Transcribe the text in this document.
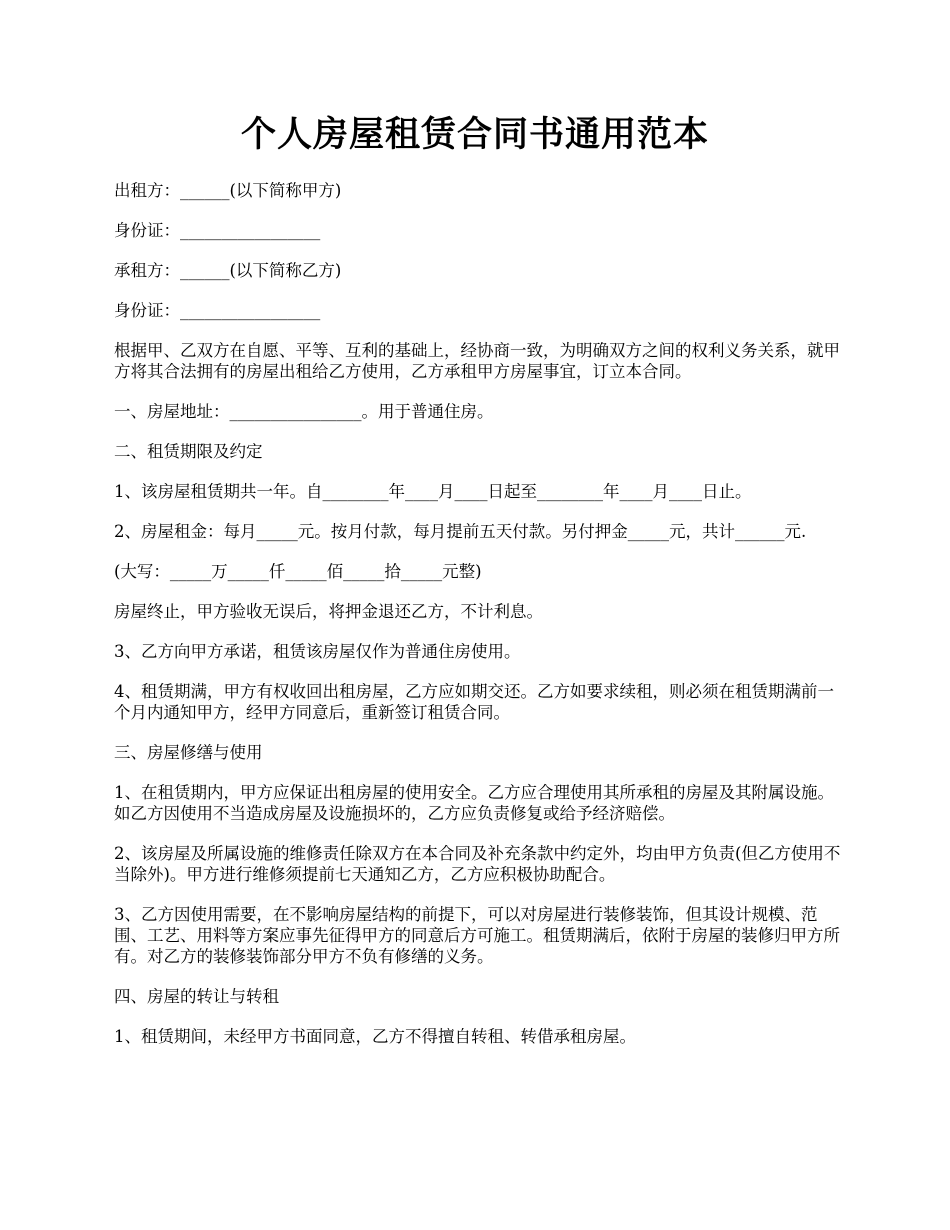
个人房屋租赁合同书通用范本

出租方：______(以下简称甲方)

身份证：_________________

承租方：______(以下简称乙方)

身份证：_________________

根据甲、乙双方在自愿、平等、互利的基础上，经协商一致，为明确双方之间的权利义务关系，就甲方将其合法拥有的房屋出租给乙方使用，乙方承租甲方房屋事宜，订立本合同。

一、房屋地址：________________。用于普通住房。

二、租赁期限及约定

1、该房屋租赁期共一年。自________年____月____日起至________年____月____日止。

2、房屋租金：每月_____元。按月付款，每月提前五天付款。另付押金_____元，共计______元.

(大写：_____万_____仟_____佰_____拾_____元整)

房屋终止，甲方验收无误后，将押金退还乙方，不计利息。

3、乙方向甲方承诺，租赁该房屋仅作为普通住房使用。

4、租赁期满，甲方有权收回出租房屋，乙方应如期交还。乙方如要求续租，则必须在租赁期满前一个月内通知甲方，经甲方同意后，重新签订租赁合同。

三、房屋修缮与使用

1、在租赁期内，甲方应保证出租房屋的使用安全。乙方应合理使用其所承租的房屋及其附属设施。如乙方因使用不当造成房屋及设施损坏的，乙方应负责修复或给予经济赔偿。

2、该房屋及所属设施的维修责任除双方在本合同及补充条款中约定外，均由甲方负责(但乙方使用不当除外)。甲方进行维修须提前七天通知乙方，乙方应积极协助配合。

3、乙方因使用需要，在不影响房屋结构的前提下，可以对房屋进行装修装饰，但其设计规模、范围、工艺、用料等方案应事先征得甲方的同意后方可施工。租赁期满后，依附于房屋的装修归甲方所有。对乙方的装修装饰部分甲方不负有修缮的义务。

四、房屋的转让与转租

1、租赁期间，未经甲方书面同意，乙方不得擅自转租、转借承租房屋。
